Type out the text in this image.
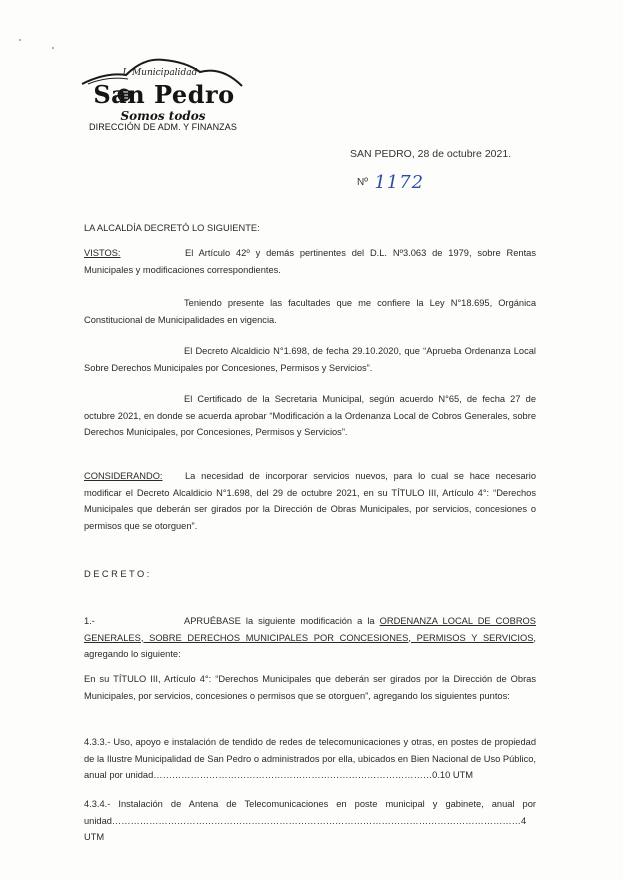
I. Municipalidad
San Pedro
Somos todos
DIRECCIÓN DE ADM. Y FINANZAS
SAN PEDRO, 28 de octubre 2021.
Nº 1172
LA ALCALDÍA DECRETÓ LO SIGUIENTE:
VISTOS:	El Artículo 42º y demás pertinentes del D.L. Nº3.063 de 1979, sobre Rentas Municipales y modificaciones correspondientes.
Teniendo presente las facultades que me confiere la Ley N°18.695, Orgánica Constitucional de Municipalidades en vigencia.
El Decreto Alcaldicio N°1.698, de fecha 29.10.2020, que “Aprueba Ordenanza Local Sobre Derechos Municipales por Concesiones, Permisos y Servicios”.
El Certificado de la Secretaria Municipal, según acuerdo N°65, de fecha 27 de octubre 2021, en donde se acuerda aprobar “Modificación a la Ordenanza Local de Cobros Generales, sobre Derechos Municipales, por Concesiones, Permisos y Servicios”.
CONSIDERANDO: La necesidad de incorporar servicios nuevos, para lo cual se hace necesario modificar el Decreto Alcaldicio N°1.698, del 29 de octubre 2021, en su TÍTULO III, Artículo 4°: “Derechos Municipales que deberán ser girados por la Dirección de Obras Municipales, por servicios, concesiones o permisos que se otorguen”.
DECRETO:
1.-	APRUÉBASE la siguiente modificación a la ORDENANZA LOCAL DE COBROS GENERALES, SOBRE DERECHOS MUNICIPALES POR CONCESIONES, PERMISOS Y SERVICIOS, agregando lo siguiente:
En su TÍTULO III, Artículo 4°: “Derechos Municipales que deberán ser girados por la Dirección de Obras Municipales, por servicios, concesiones o permisos que se otorguen”, agregando los siguientes puntos:
4.3.3.- Uso, apoyo e instalación de tendido de redes de telecomunicaciones y otras, en postes de propiedad de la Ilustre Municipalidad de San Pedro o administrados por ella, ubicados en Bien Nacional de Uso Público, anual por unidad………………………………………………………………………………0.10 UTM
4.3.4.- Instalación de Antena de Telecomunicaciones en poste municipal y gabinete, anual por unidad……………………………………………………………………………………………………………………4 UTM
